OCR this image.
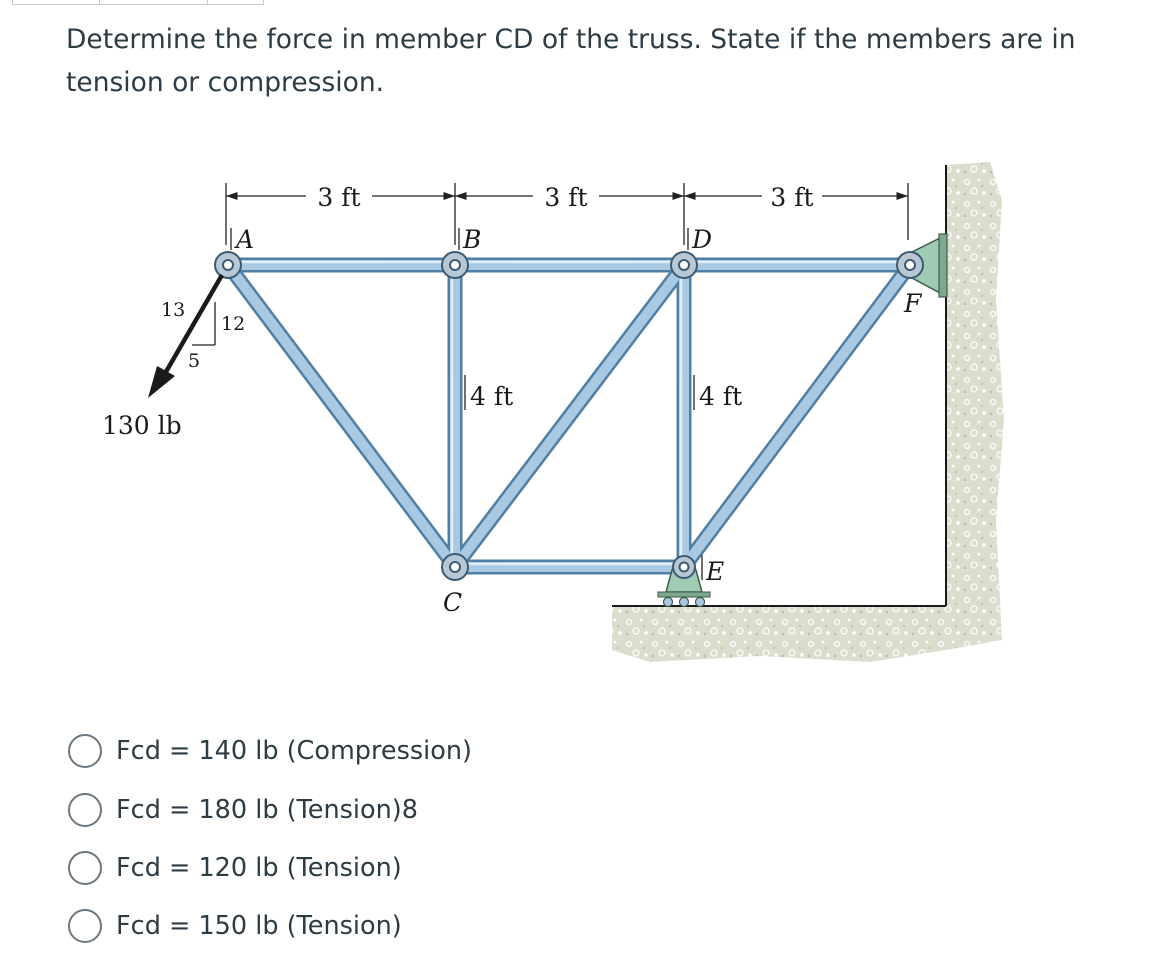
Determine the force in member CD of the truss. State if the members are in tension or compression.
3 ft	3 ft	3 ft
4 ft	4 ft
A	B	D
F
C
E
13
12
5
130 lb
Fcd = 140 lb (Compression)
Fcd = 180 lb (Tension)8
Fcd = 120 lb (Tension)
Fcd = 150 lb (Tension)
